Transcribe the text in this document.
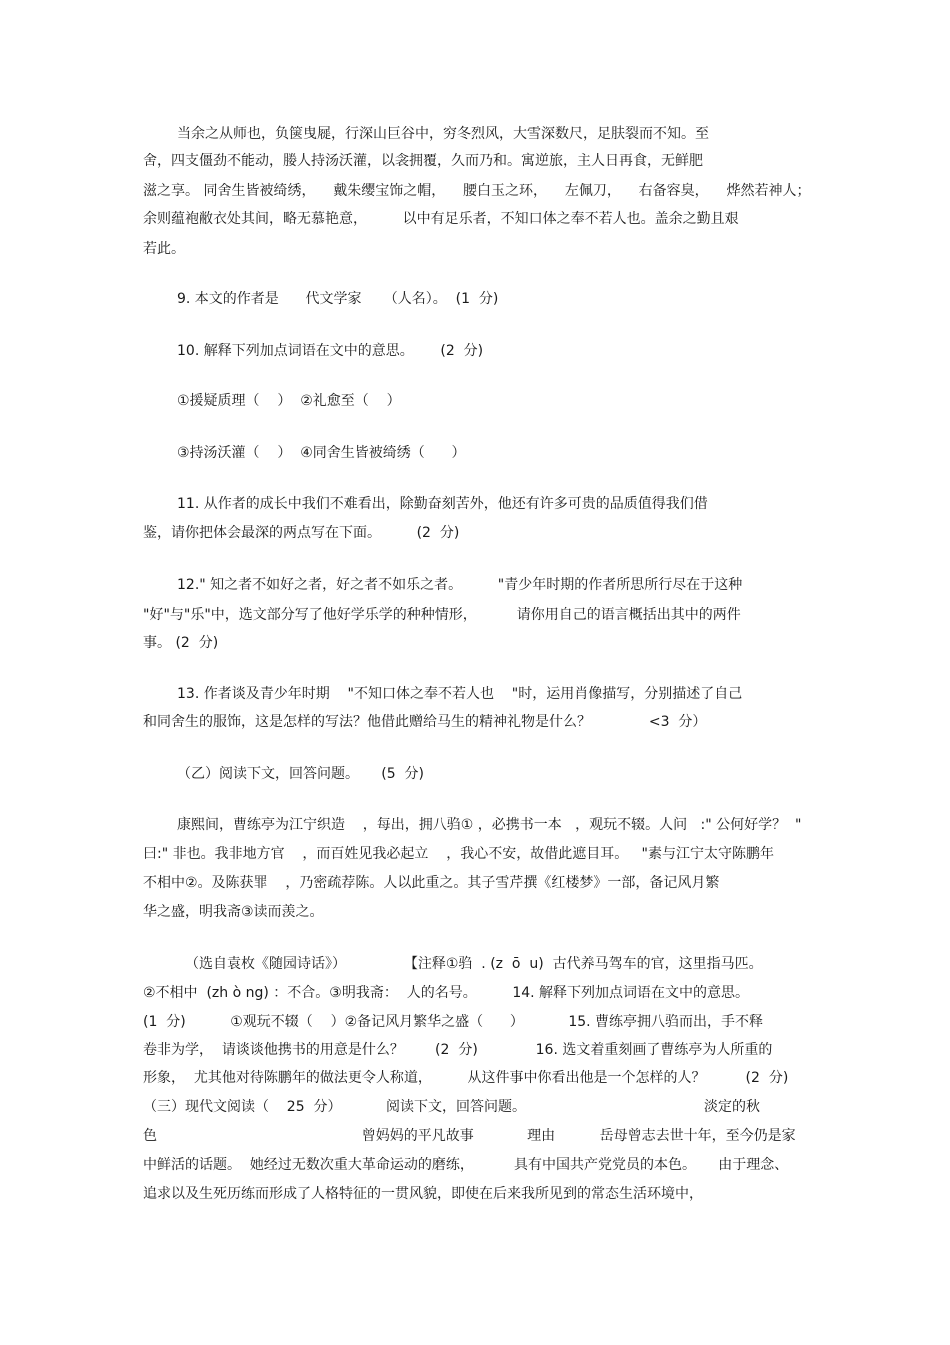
当余之从师也，负箧曳屣，行深山巨谷中，穷冬烈风，大雪深数尺，足肤裂而不知。至
舍，四支僵劲不能动，媵人持汤沃灌，以衾拥覆，久而乃和。寓逆旅，主人日再食，无鲜肥
滋之享。 同舍生皆被绮绣，    戴朱缨宝饰之帽，    腰白玉之环，    左佩刀，    右备容臭，    烨然若神人；
余则蕴袍敝衣处其间，略无慕艳意，        以中有足乐者，不知口体之奉不若人也。盖余之勤且艰
若此。
9. 本文的作者是      代文学家     （人名）。  (1  分)
10. 解释下列加点词语在文中的意思。      (2  分)
①援疑质理（    ）  ②礼愈至（    ）
③持汤沃灌（    ）  ④同舍生皆被绮绣（      ）
11. 从作者的成长中我们不难看出，除勤奋刻苦外，他还有许多可贵的品质值得我们借
鉴，请你把体会最深的两点写在下面。        (2  分)
12." 知之者不如好之者，好之者不如乐之者。        "青少年时期的作者所思所行尽在于这种
"好"与"乐"中，选文部分写了他好学乐学的种种情形，         请你用自己的语言概括出其中的两件
事。 (2  分)
13. 作者谈及青少年时期    "不知口体之奉不若人也    "时，运用肖像描写，分别描述了自己
和同舍生的服饰，这是怎样的写法？他借此赠给马生的精神礼物是什么？             <3  分）
（乙）阅读下文，回答问题。     (5  分)
康熙间，曹练亭为江宁织造    ，每出，拥八驺① ，必携书一本   ，观玩不辍。人问   :" 公何好学？  "
曰:" 非也。我非地方官    ，而百姓见我必起立    ，我心不安，故借此遮目耳。   "素与江宁太守陈鹏年
不相中②。及陈获罪    ，乃密疏荐陈。人以此重之。其子雪芹撰《红楼梦》一部，备记风月繁
华之盛，明我斋③读而羡之。
（选自袁枚《随园诗话》）             【注释①驺  . (z  ō  u)  古代养马驾车的官，这里指马匹。
②不相中  (zh ò ng) ：不合。③明我斋：  人的名号。        14. 解释下列加点词语在文中的意思。
(1  分)          ①观玩不辍（    ）②备记风月繁华之盛（      ）          15. 曹练亭拥八驺而出，手不释
卷非为学，  请谈谈他携书的用意是什么？       (2  分)             16. 选文着重刻画了曹练亭为人所重的
形象，  尤其他对待陈鹏年的做法更令人称道，        从这件事中你看出他是一个怎样的人？         (2  分)
（三）现代文阅读（    25  分）          阅读下文，回答问题。                                        淡定的秋
色                                              曾妈妈的平凡故事            理由          岳母曾志去世十年，至今仍是家
中鲜活的话题。  她经过无数次重大革命运动的磨练，         具有中国共产党党员的本色。     由于理念、
追求以及生死历练而形成了人格特征的一贯风貌，即使在后来我所见到的常态生活环境中，
